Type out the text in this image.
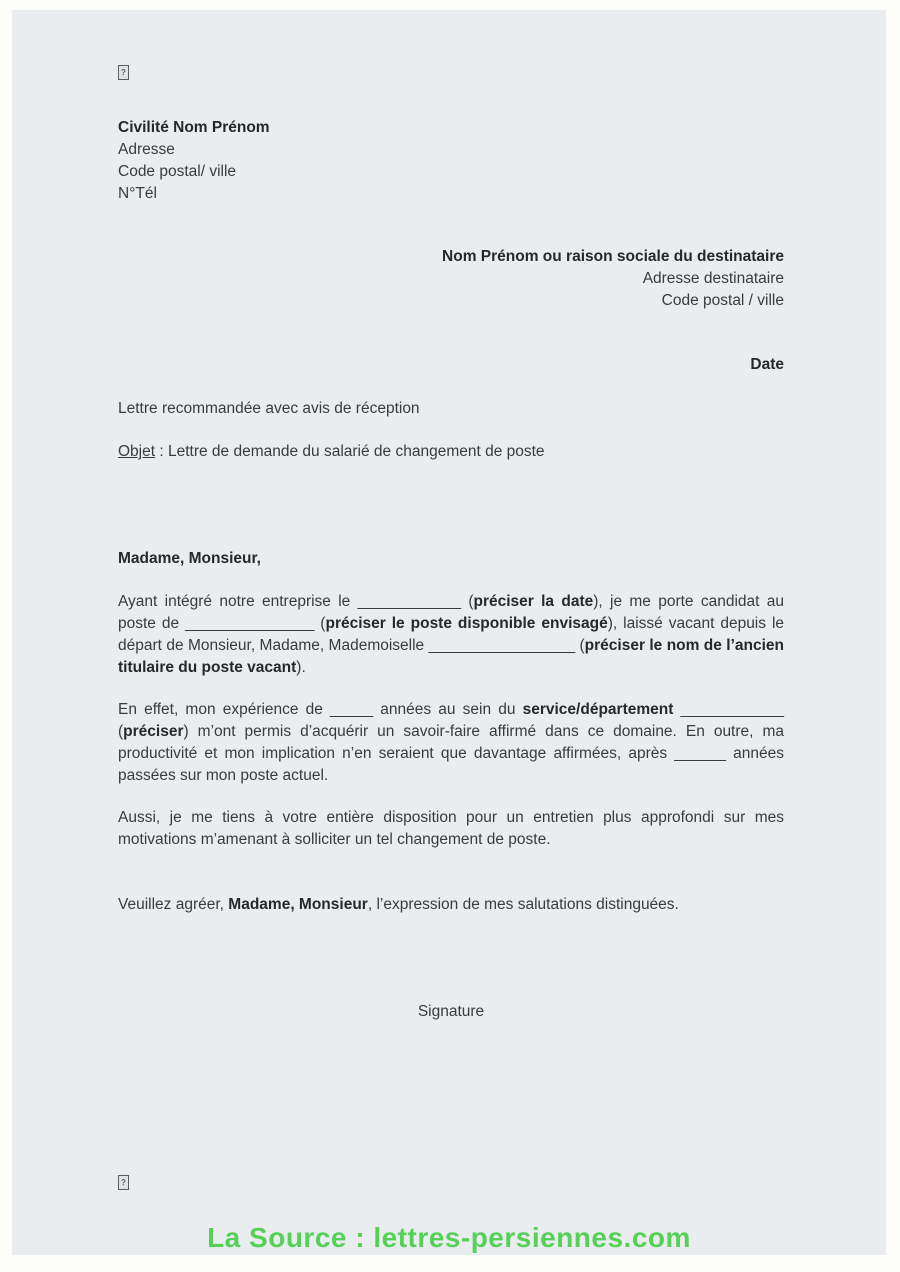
?
Civilité Nom Prénom
Adresse
Code postal/ ville
N°Tél
Nom Prénom ou raison sociale du destinataire
Adresse destinataire
Code postal / ville
Date
Lettre recommandée avec avis de réception
Objet : Lettre de demande du salarié de changement de poste
Madame, Monsieur,

Ayant intégré notre entreprise le ____________ (préciser la date), je me porte candidat au poste de _______________ (préciser le poste disponible envisagé), laissé vacant depuis le départ de Monsieur, Madame, Mademoiselle _________________ (préciser le nom de l’ancien titulaire du poste vacant).

En effet, mon expérience de _____ années au sein du service/département ____________ (préciser) m’ont permis d’acquérir un savoir-faire affirmé dans ce domaine. En outre, ma productivité et mon implication n’en seraient que davantage affirmées, après ______ années passées sur mon poste actuel.

Aussi, je me tiens à votre entière disposition pour un entretien plus approfondi sur mes motivations m’amenant à solliciter un tel changement de poste.

Veuillez agréer, Madame, Monsieur, l’expression de mes salutations distinguées.

Signature
?
La Source : lettres-persiennes.com
